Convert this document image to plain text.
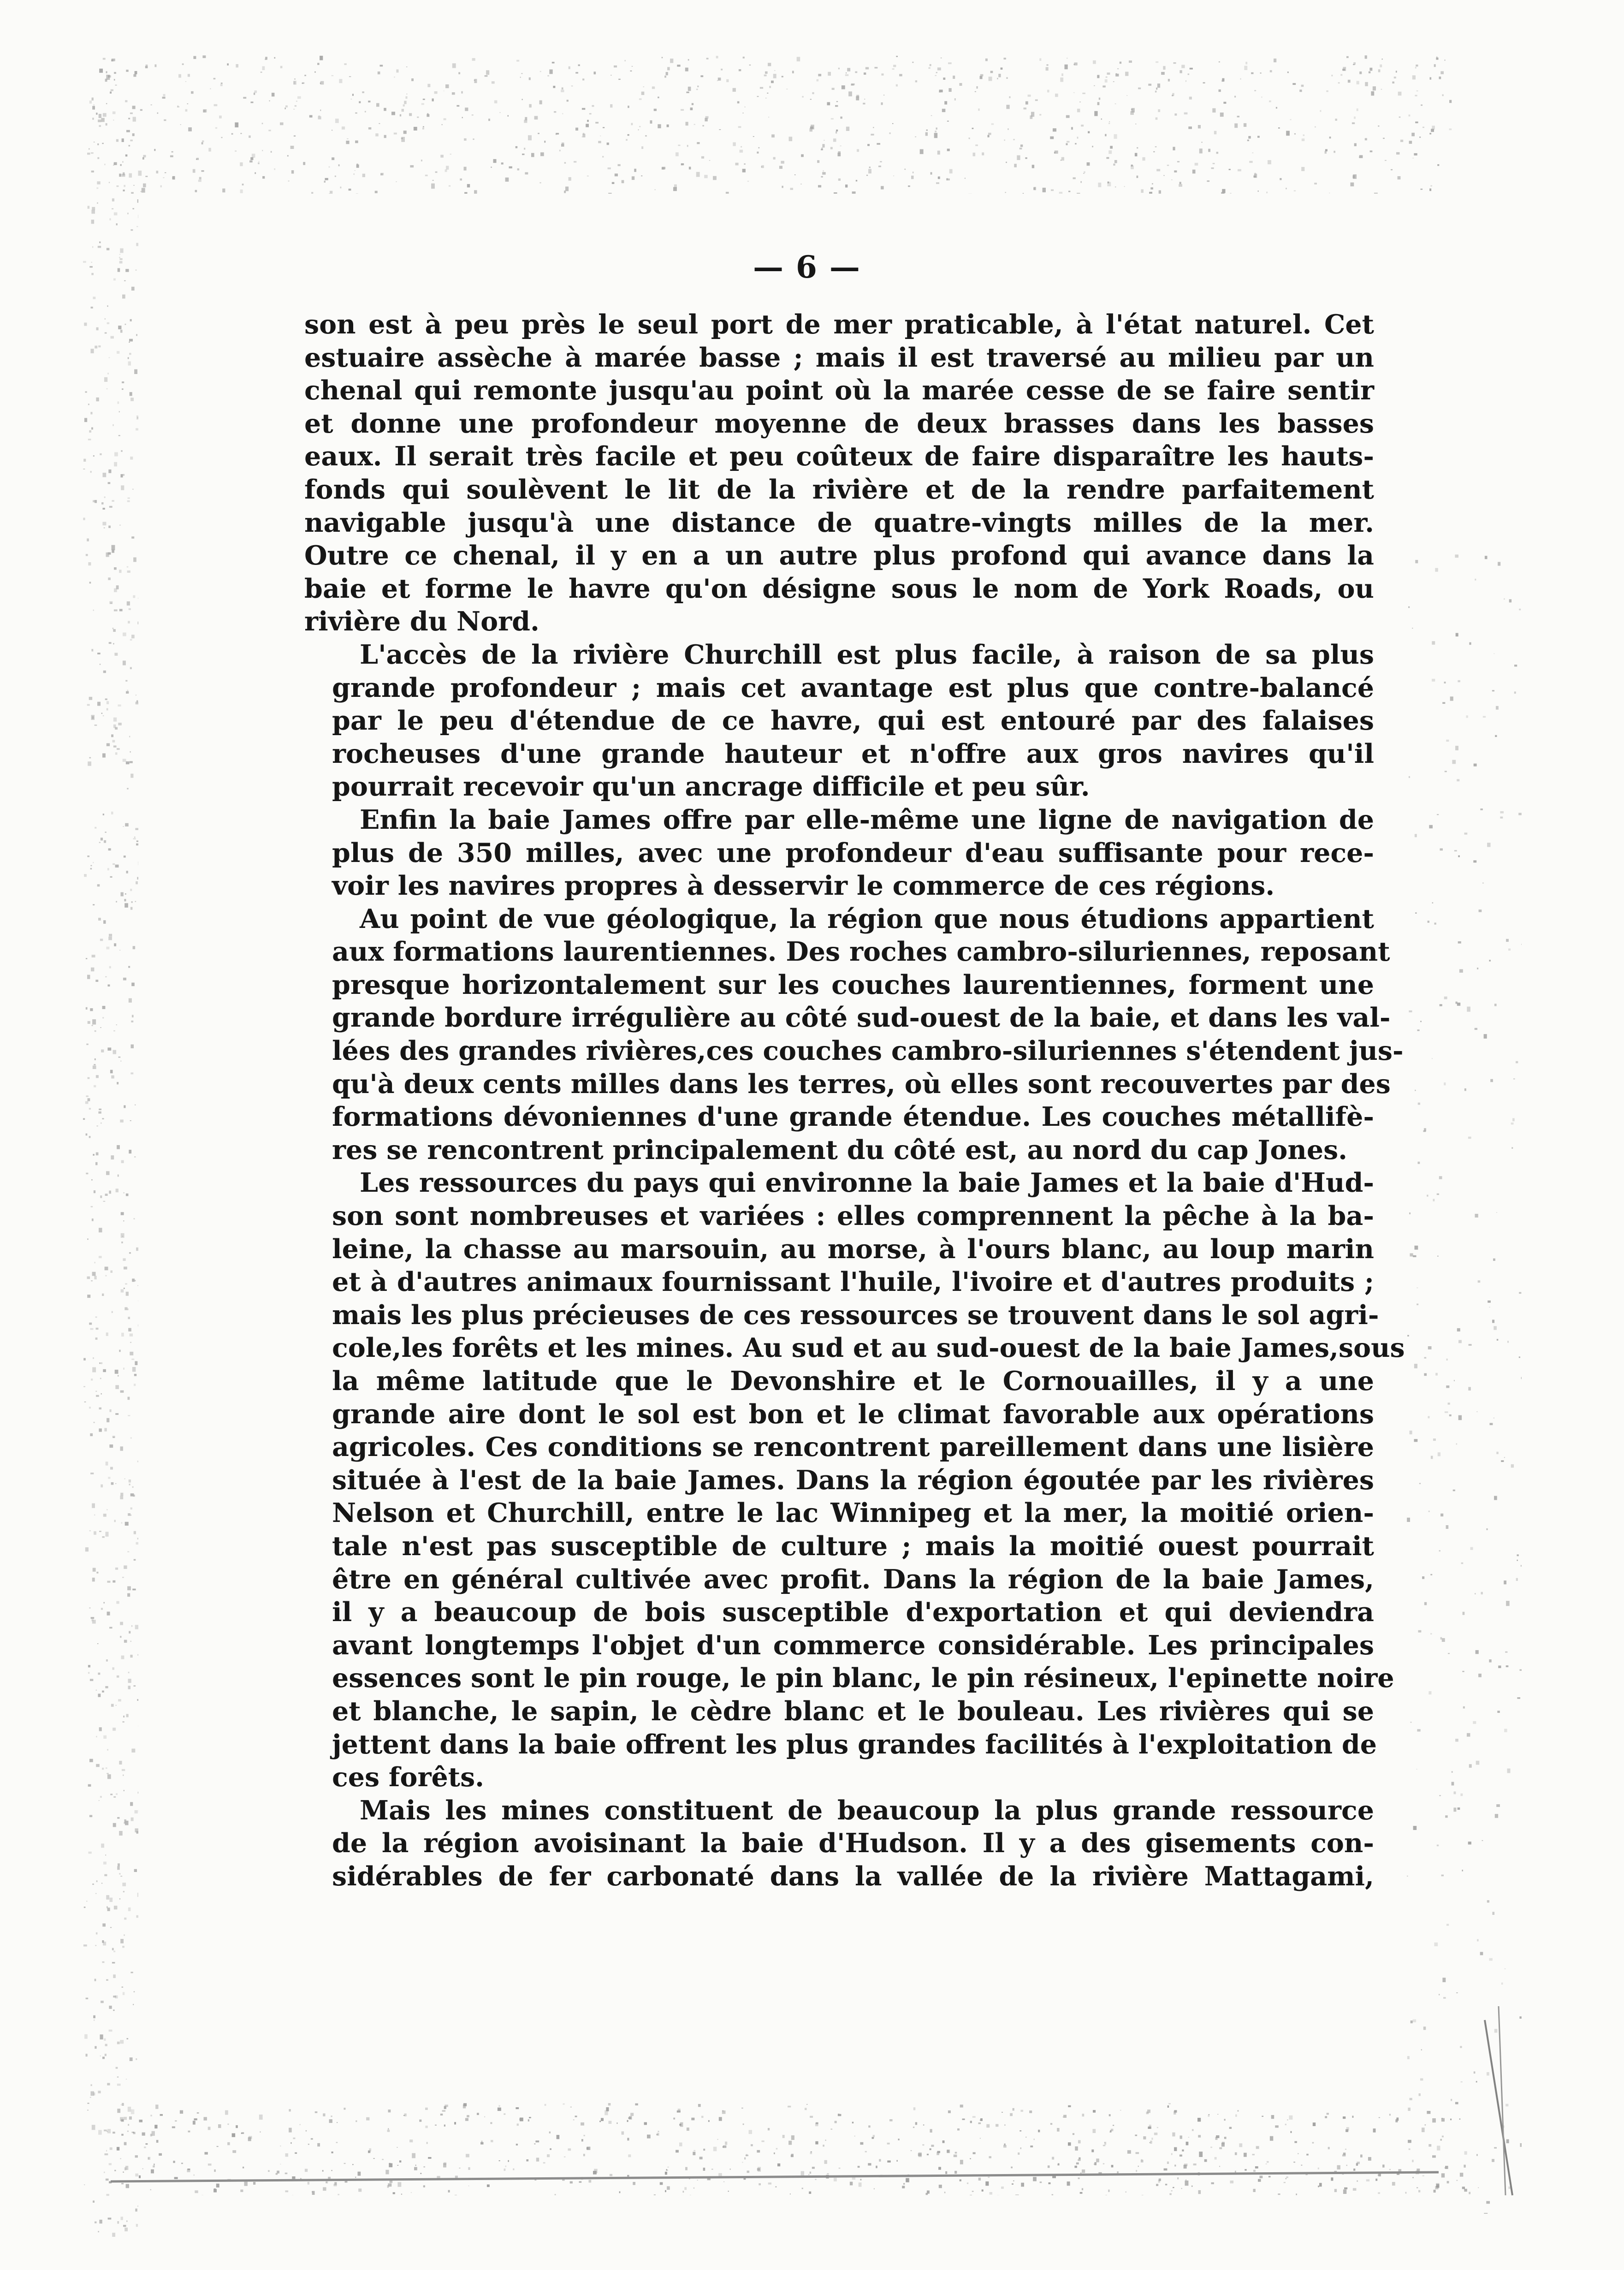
— 6 —
son est à peu près le seul port de mer praticable, à l'état naturel. Cet
estuaire assèche à marée basse ; mais il est traversé au milieu par un
chenal qui remonte jusqu'au point où la marée cesse de se faire sentir
et donne une profondeur moyenne de deux brasses dans les basses
eaux. Il serait très facile et peu coûteux de faire disparaître les hauts-
fonds qui soulèvent le lit de la rivière et de la rendre parfaitement
navigable jusqu'à une distance de quatre-vingts milles de la mer.
Outre ce chenal, il y en a un autre plus profond qui avance dans la
baie et forme le havre qu'on désigne sous le nom de York Roads, ou
rivière du Nord.
L'accès de la rivière Churchill est plus facile, à raison de sa plus
grande profondeur ; mais cet avantage est plus que contre-balancé
par le peu d'étendue de ce havre, qui est entouré par des falaises
rocheuses d'une grande hauteur et n'offre aux gros navires qu'il
pourrait recevoir qu'un ancrage difficile et peu sûr.
Enfin la baie James offre par elle-même une ligne de navigation de
plus de 350 milles, avec une profondeur d'eau suffisante pour rece-
voir les navires propres à desservir le commerce de ces régions.
Au point de vue géologique, la région que nous étudions appartient
aux formations laurentiennes. Des roches cambro-siluriennes, reposant
presque horizontalement sur les couches laurentiennes, forment une
grande bordure irrégulière au côté sud-ouest de la baie, et dans les val-
lées des grandes rivières,ces couches cambro-siluriennes s'étendent jus-
qu'à deux cents milles dans les terres, où elles sont recouvertes par des
formations dévoniennes d'une grande étendue. Les couches métallifè-
res se rencontrent principalement du côté est, au nord du cap Jones.
Les ressources du pays qui environne la baie James et la baie d'Hud-
son sont nombreuses et variées : elles comprennent la pêche à la ba-
leine, la chasse au marsouin, au morse, à l'ours blanc, au loup marin
et à d'autres animaux fournissant l'huile, l'ivoire et d'autres produits ;
mais les plus précieuses de ces ressources se trouvent dans le sol agri-
cole,les forêts et les mines. Au sud et au sud-ouest de la baie James,sous
la même latitude que le Devonshire et le Cornouailles, il y a une
grande aire dont le sol est bon et le climat favorable aux opérations
agricoles. Ces conditions se rencontrent pareillement dans une lisière
située à l'est de la baie James. Dans la région égoutée par les rivières
Nelson et Churchill, entre le lac Winnipeg et la mer, la moitié orien-
tale n'est pas susceptible de culture ; mais la moitié ouest pourrait
être en général cultivée avec profit. Dans la région de la baie James,
il y a beaucoup de bois susceptible d'exportation et qui deviendra
avant longtemps l'objet d'un commerce considérable. Les principales
essences sont le pin rouge, le pin blanc, le pin résineux, l'epinette noire
et blanche, le sapin, le cèdre blanc et le bouleau. Les rivières qui se
jettent dans la baie offrent les plus grandes facilités à l'exploitation de
ces forêts.
Mais les mines constituent de beaucoup la plus grande ressource
de la région avoisinant la baie d'Hudson. Il y a des gisements con-
sidérables de fer carbonaté dans la vallée de la rivière Mattagami,
